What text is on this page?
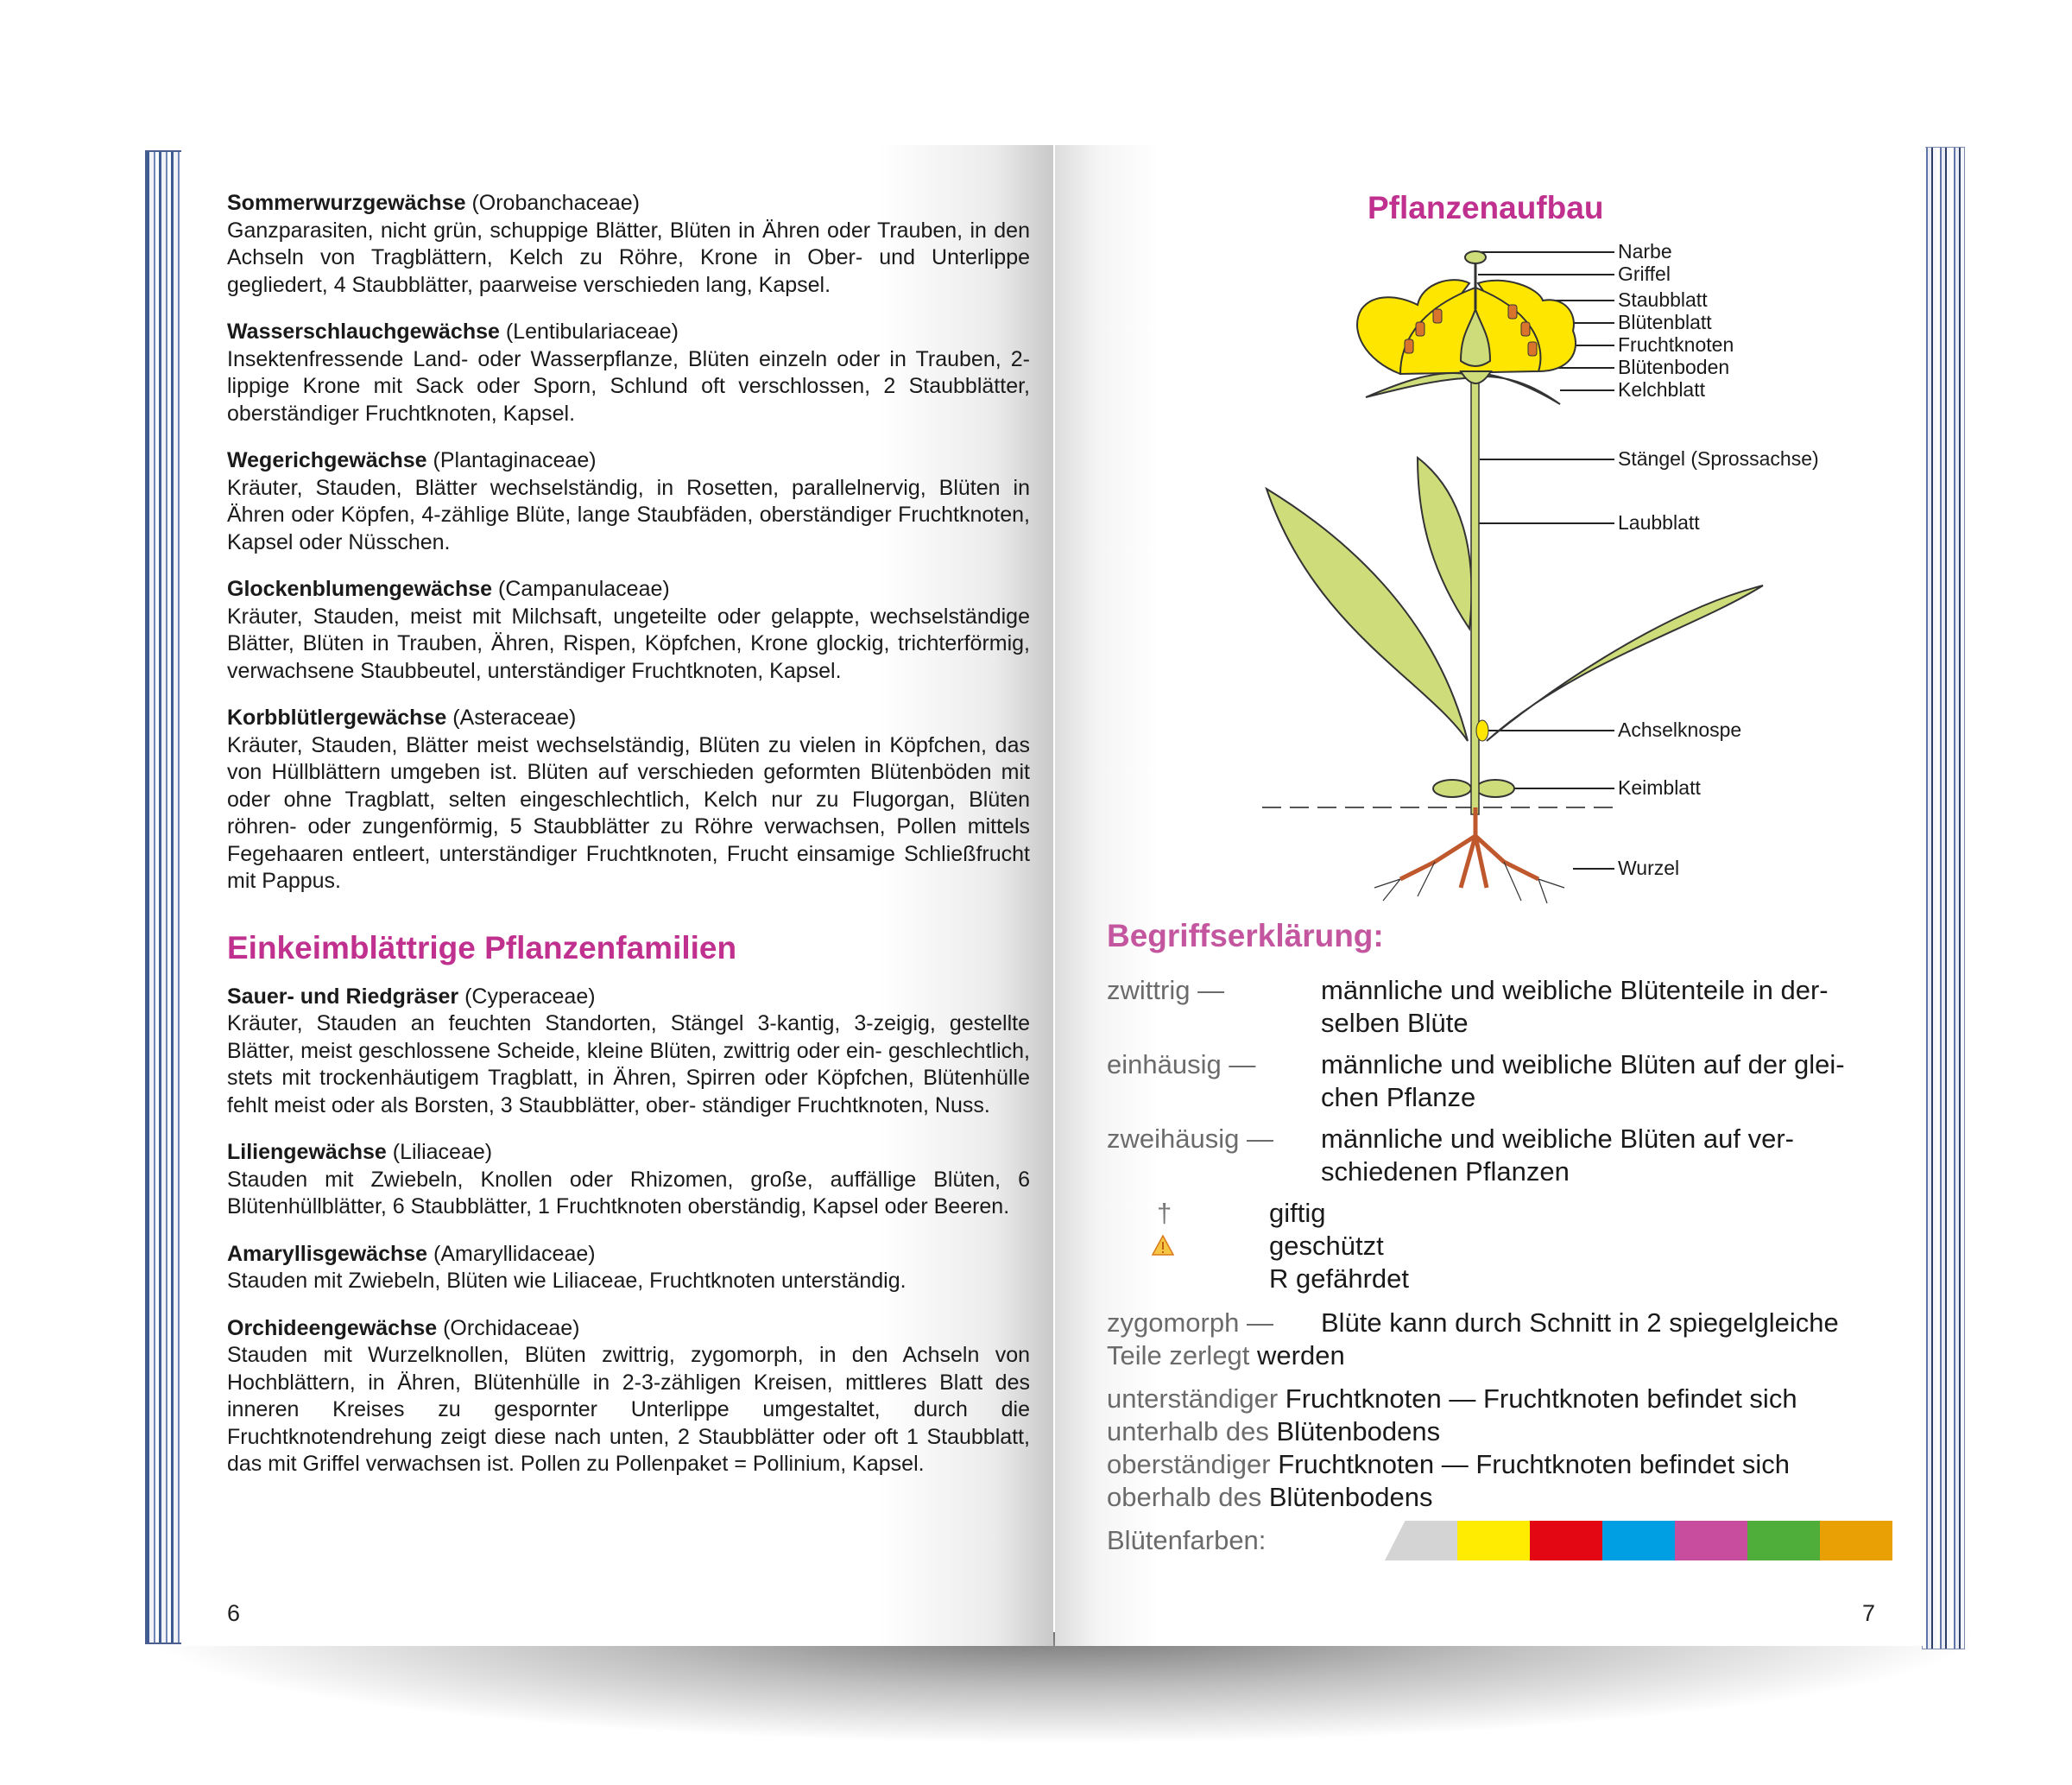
Sommerwurzgewächse (Orobanchaceae)
Ganzparasiten, nicht grün, schuppige Blätter, Blüten in Ähren oder Trauben, in den Achseln von Tragblättern, Kelch zu Röhre, Krone in Ober- und Unterlippe gegliedert, 4 Staubblätter, paarweise verschieden lang, Kapsel.
Wasserschlauchgewächse (Lentibulariaceae)
Insektenfressende Land- oder Wasserpflanze, Blüten einzeln oder in Trauben, 2-lippige Krone mit Sack oder Sporn, Schlund oft verschlossen, 2 Staubblätter, oberständiger Fruchtknoten, Kapsel.
Wegerichgewächse (Plantaginaceae)
Kräuter, Stauden, Blätter wechselständig, in Rosetten, parallelnervig, Blüten in Ähren oder Köpfen, 4-zählige Blüte, lange Staubfäden, oberständiger Fruchtknoten, Kapsel oder Nüsschen.
Glockenblumengewächse (Campanulaceae)
Kräuter, Stauden, meist mit Milchsaft, ungeteilte oder gelappte, wechselständige Blätter, Blüten in Trauben, Ähren, Rispen, Köpfchen, Krone glockig, trichterförmig, verwachsene Staubbeutel, unterständiger Fruchtknoten, Kapsel.
Korbblütlergewächse (Asteraceae)
Kräuter, Stauden, Blätter meist wechselständig, Blüten zu vielen in Köpfchen, das von Hüllblättern umgeben ist. Blüten auf verschieden geformten Blütenböden mit oder ohne Tragblatt, selten eingeschlechtlich, Kelch nur zu Flugorgan, Blüten röhren- oder zungenförmig, 5 Staubblätter zu Röhre verwachsen, Pollen mittels Fegehaaren entleert, unterständiger Fruchtknoten, Frucht einsamige Schließfrucht mit Pappus.
Einkeimblättrige Pflanzenfamilien
Sauer- und Riedgräser (Cyperaceae)
Kräuter, Stauden an feuchten Standorten, Stängel 3-kantig, 3-zeigig, gestellte Blätter, meist geschlossene Scheide, kleine Blüten, zwittrig oder ein- geschlechtlich, stets mit trockenhäutigem Tragblatt, in Ähren, Spirren oder Köpfchen, Blütenhülle fehlt meist oder als Borsten, 3 Staubblätter, ober- ständiger Fruchtknoten, Nuss.
Liliengewächse (Liliaceae)
Stauden mit Zwiebeln, Knollen oder Rhizomen, große, auffällige Blüten, 6 Blütenhüllblätter, 6 Staubblätter, 1 Fruchtknoten oberständig, Kapsel oder Beeren.
Amaryllisgewächse (Amaryllidaceae)
Stauden mit Zwiebeln, Blüten wie Liliaceae, Fruchtknoten unterständig.
Orchideengewächse (Orchidaceae)
Stauden mit Wurzelknollen, Blüten zwittrig, zygomorph, in den Achseln von Hochblättern, in Ähren, Blütenhülle in 2-3-zähligen Kreisen, mittleres Blatt des inneren Kreises zu gespornter Unterlippe umgestaltet, durch die Fruchtknotendrehung zeigt diese nach unten, 2 Staubblätter oder oft 1 Staubblatt, das mit Griffel verwachsen ist. Pollen zu Pollenpaket = Pollinium, Kapsel.
6
Pflanzenaufbau
Narbe
Griffel
Staubblatt
Blütenblatt
Fruchtknoten
Blütenboden
Kelchblatt
Stängel (Sprossachse)
Laubblatt
Achselknospe
Keimblatt
Wurzel
Begriffserklärung:
zwittrig —	männliche und weibliche Blütenteile in der-
selben Blüte
einhäusig — männliche und weibliche Blüten auf der glei-
chen Pflanze
zweihäusig — männliche und weibliche Blüten auf ver-
schiedenen Pflanzen
†	giftig
geschützt
R gefährdet
zygomorph — Blüte kann durch Schnitt in 2 spiegelgleiche
Teile zerlegt werden
unterständiger Fruchtknoten — Fruchtknoten befindet sich
unterhalb des Blütenbodens
oberständiger Fruchtknoten — Fruchtknoten befindet sich
oberhalb des Blütenbodens
Blütenfarben:
7
